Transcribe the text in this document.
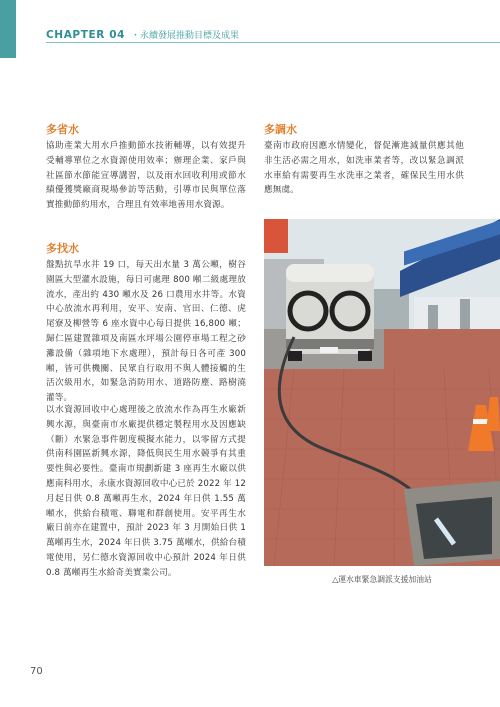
CHAPTER 04 ・永續發展推動目標及成果
多省水
協助產業大用水戶推動節水技術輔導，以有效提升受輔導單位之水資源使用效率；辦理企業、家戶與社區節水節能宣導講習，以及雨水回收利用或節水績優獲獎廠商現場參訪等活動，引導市民與單位落實推動節約用水，合理且有效率地善用水資源。
多找水
盤點抗旱水井 19 口，每天出水量 3 萬公噸，樹谷園區大型灌水設施，每日可處理 800 噸二級處理放流水，產出約 430 噸水及 26 口農用水井等。水資中心放流水再利用，安平、安南、官田、仁德、虎尾寮及柳營等 6 座水資中心每日提供 16,800 噸；歸仁區建置雜項及南區水坪場公園停車場工程之砂灘設備（雜項地下水處理），預計每日各可產 300 噸，皆可供機關、民眾自行取用不與人體接觸的生活次級用水，如緊急消防用水、道路防塵、路樹澆灌等。
以水資源回收中心處理後之放流水作為再生水廠新興水源，與臺南市水廠提供穩定製程用水及因應缺（斷）水緊急事件韌度模擬水能力，以零留方式提供南科園區新興水源，降低與民生用水競爭有其重要性與必要性。臺南市規劃新建 3 座再生水廠以供應南科用水，永康水資源回收中心已於 2022 年 12 月起日供 0.8 萬噸再生水，2024 年日供 1.55 萬噸水，供給台積電、聯電和群創使用。安平再生水廠日前亦在建置中，預計 2023 年 3 月開始日供 1 萬噸再生水，2024 年日供 3.75 萬噸水，供給台積電使用，另仁德水資源回收中心預計 2024 年日供 0.8 萬噸再生水給奇美實業公司。
多調水
臺南市政府因應水情變化，督促漸進減量供應其他非生活必需之用水，如洗車業者等，改以緊急調派水車給有需要再生水洗車之業者，確保民生用水供應無虞。
△運水車緊急調派支援加油站
70
